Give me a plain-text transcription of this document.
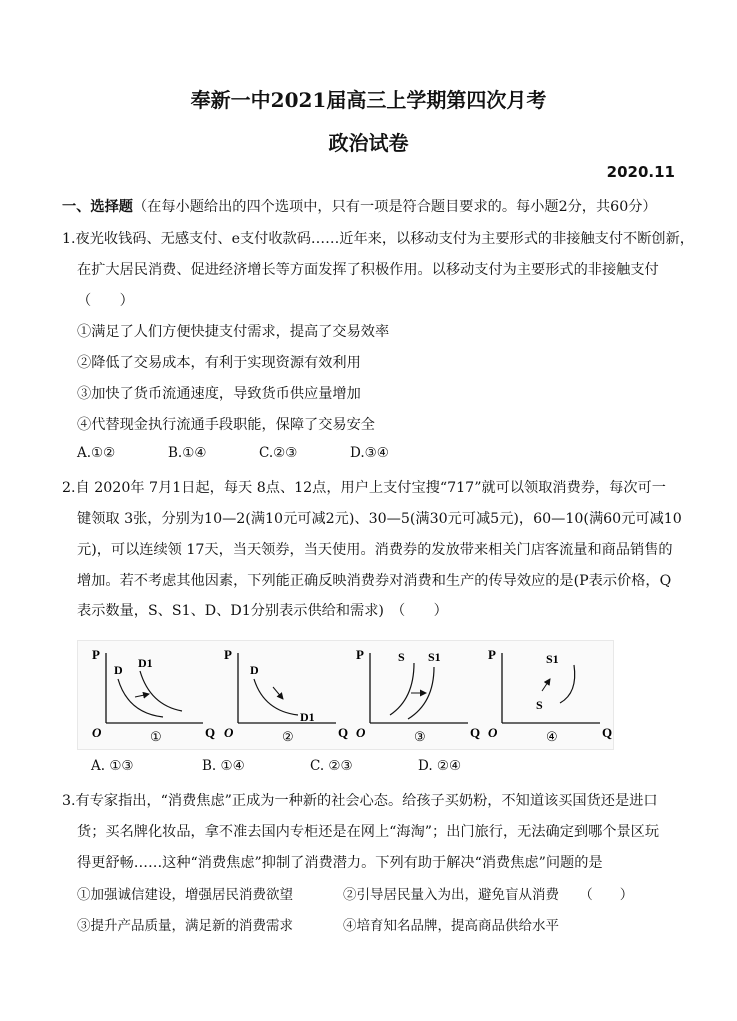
奉新一中2021届高三上学期第四次月考
政治试卷
2020.11
一、选择题（在每小题给出的四个选项中，只有一项是符合题目要求的。每小题2分，共60分）
1.夜光收钱码、无感支付、e支付收款码……近年来，以移动支付为主要形式的非接触支付不断创新，
在扩大居民消费、促进经济增长等方面发挥了积极作用。以移动支付为主要形式的非接触支付
（　　）
①满足了人们方便快捷支付需求，提高了交易效率
②降低了交易成本，有利于实现资源有效利用
③加快了货币流通速度，导致货币供应量增加
④代替现金执行流通手段职能，保障了交易安全
A.①②	B.①④	C.②③	D.③④
2.自 2020年 7月1日起，每天 8点、12点，用户上支付宝搜“717”就可以领取消费券，每次可一
键领取 3张，分别为10—2(满10元可减2元)、30—5(满30元可减5元)，60—10(满60元可减10
元)，可以连续领 17天，当天领券，当天使用。消费券的发放带来相关门店客流量和商品销售的
增加。若不考虑其他因素，下列能正确反映消费券对消费和生产的传导效应的是(P表示价格，Q
表示数量，S、S1、D、D1分别表示供给和需求)　（　　）
P
O	Q
D D1
①
P
O	Q
D
D1
②
P
O	Q
S S1
③
P
O	Q
S1
S
④
A. ①③	B. ①④	C. ②③	D. ②④
3.有专家指出，“消费焦虑”正成为一种新的社会心态。给孩子买奶粉，不知道该买国货还是进口
货；买名牌化妆品，拿不准去国内专柜还是在网上“海淘”；出门旅行，无法确定到哪个景区玩
得更舒畅……这种“消费焦虑”抑制了消费潜力。下列有助于解决“消费焦虑”问题的是
①加强诚信建设，增强居民消费欲望	②引导居民量入为出，避免盲从消费　　（　　）
③提升产品质量，满足新的消费需求	④培育知名品牌，提高商品供给水平
